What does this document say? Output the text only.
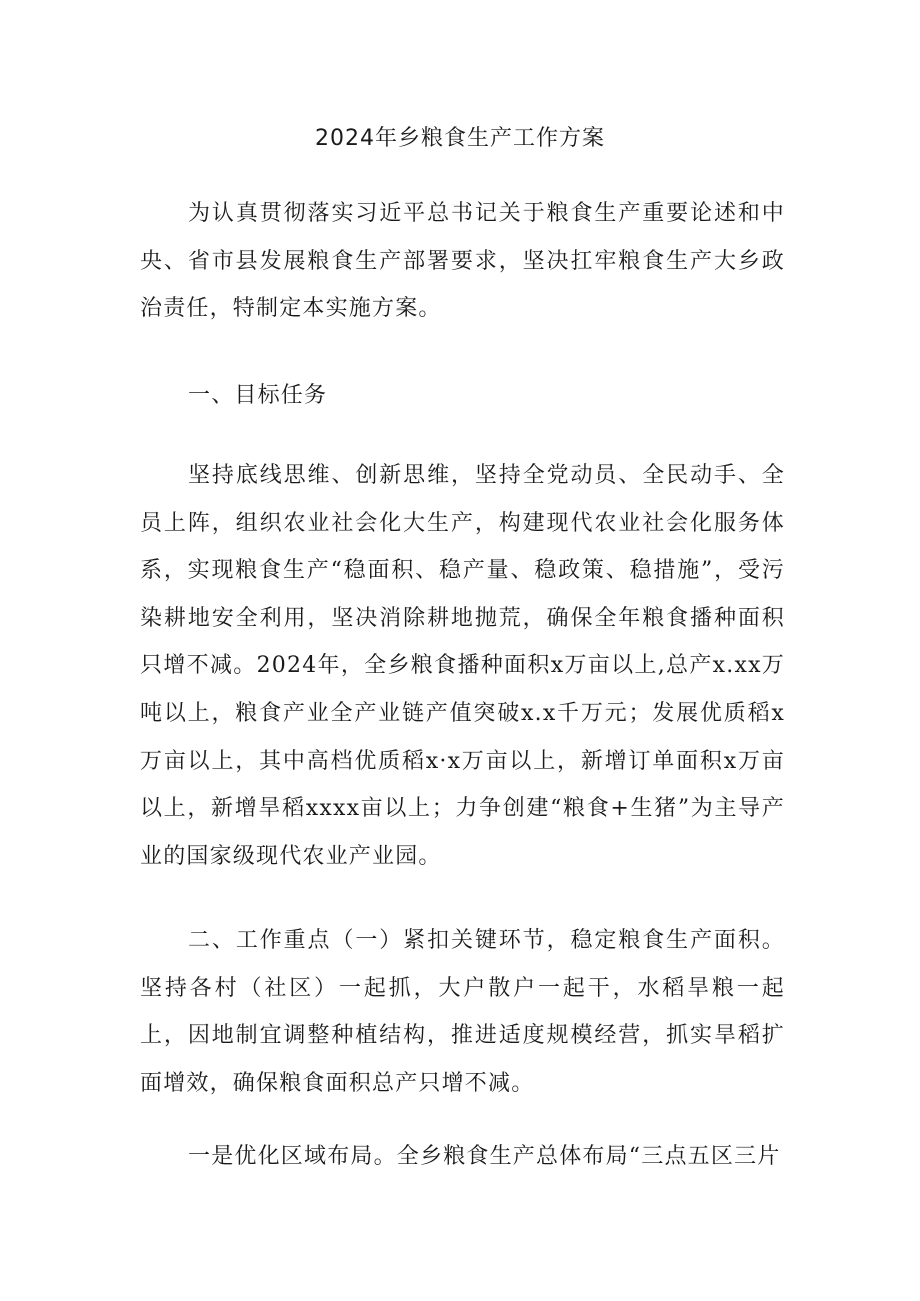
2024年乡粮食生产工作方案

为认真贯彻落实习近平总书记关于粮食生产重要论述和中央、省市县发展粮食生产部署要求，坚决扛牢粮食生产大乡政治责任，特制定本实施方案。

一、目标任务

坚持底线思维、创新思维，坚持全党动员、全民动手、全员上阵，组织农业社会化大生产，构建现代农业社会化服务体系，实现粮食生产“稳面积、稳产量、稳政策、稳措施”，受污染耕地安全利用，坚决消除耕地抛荒，确保全年粮食播种面积只增不减。2024年，全乡粮食播种面积x万亩以上,总产x.xx万吨以上，粮食产业全产业链产值突破x.x千万元；发展优质稻x万亩以上，其中高档优质稻x·x万亩以上，新增订单面积x万亩以上，新增旱稻xxxx亩以上；力争创建“粮食+生猪”为主导产业的国家级现代农业产业园。

二、工作重点（一）紧扣关键环节，稳定粮食生产面积。坚持各村（社区）一起抓，大户散户一起干，水稻旱粮一起上，因地制宜调整种植结构，推进适度规模经营，抓实旱稻扩面增效，确保粮食面积总产只增不减。

一是优化区域布局。全乡粮食生产总体布局“三点五区三片
